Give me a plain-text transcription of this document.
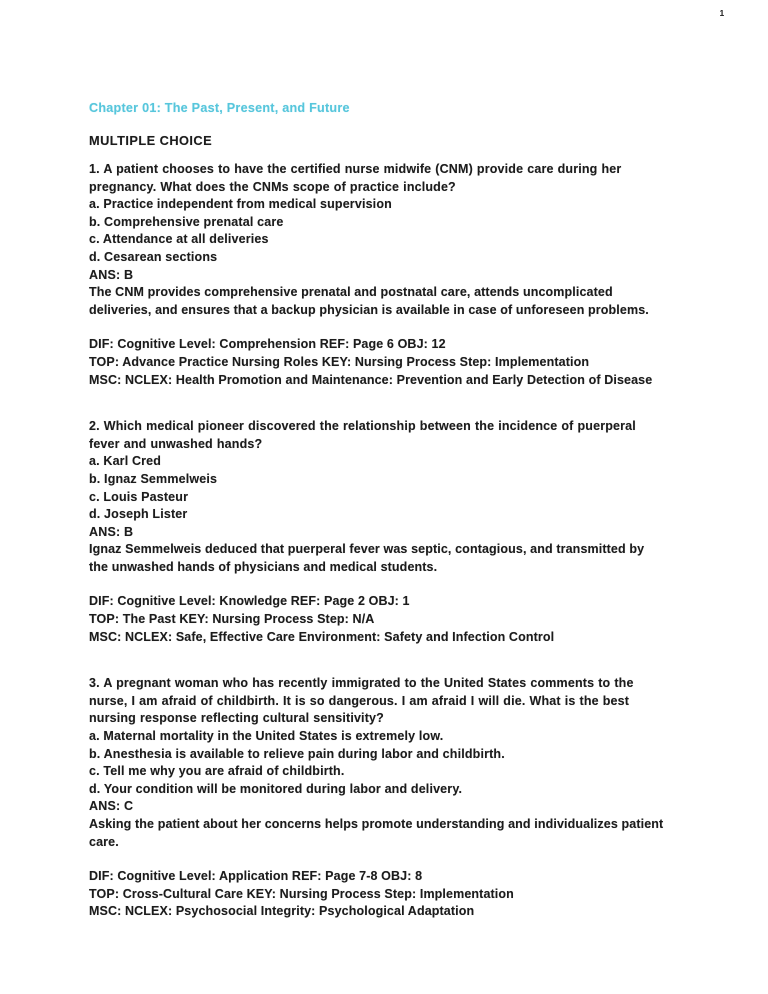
1
Chapter 01: The Past, Present, and Future
MULTIPLE CHOICE

1. A patient chooses to have the certified nurse midwife (CNM) provide care during her pregnancy. What does the CNMs scope of practice include?

a. Practice independent from medical supervision

b. Comprehensive prenatal care

c. Attendance at all deliveries

d. Cesarean sections

ANS: B

The CNM provides comprehensive prenatal and postnatal care, attends uncomplicated deliveries, and ensures that a backup physician is available in case of unforeseen problems.

DIF: Cognitive Level: Comprehension REF: Page 6 OBJ: 12

TOP: Advance Practice Nursing Roles KEY: Nursing Process Step: Implementation

MSC: NCLEX: Health Promotion and Maintenance: Prevention and Early Detection of Disease

2. Which medical pioneer discovered the relationship between the incidence of puerperal fever and unwashed hands?

a. Karl Cred

b. Ignaz Semmelweis

c. Louis Pasteur

d. Joseph Lister

ANS: B

Ignaz Semmelweis deduced that puerperal fever was septic, contagious, and transmitted by the unwashed hands of physicians and medical students.

DIF: Cognitive Level: Knowledge REF: Page 2 OBJ: 1

TOP: The Past KEY: Nursing Process Step: N/A

MSC: NCLEX: Safe, Effective Care Environment: Safety and Infection Control

3. A pregnant woman who has recently immigrated to the United States comments to the nurse, I am afraid of childbirth. It is so dangerous. I am afraid I will die. What is the best nursing response reflecting cultural sensitivity?

a. Maternal mortality in the United States is extremely low.

b. Anesthesia is available to relieve pain during labor and childbirth.

c. Tell me why you are afraid of childbirth.

d. Your condition will be monitored during labor and delivery.

ANS: C

Asking the patient about her concerns helps promote understanding and individualizes patient care.

DIF: Cognitive Level: Application REF: Page 7-8 OBJ: 8

TOP: Cross-Cultural Care KEY: Nursing Process Step: Implementation

MSC: NCLEX: Psychosocial Integrity: Psychological Adaptation
